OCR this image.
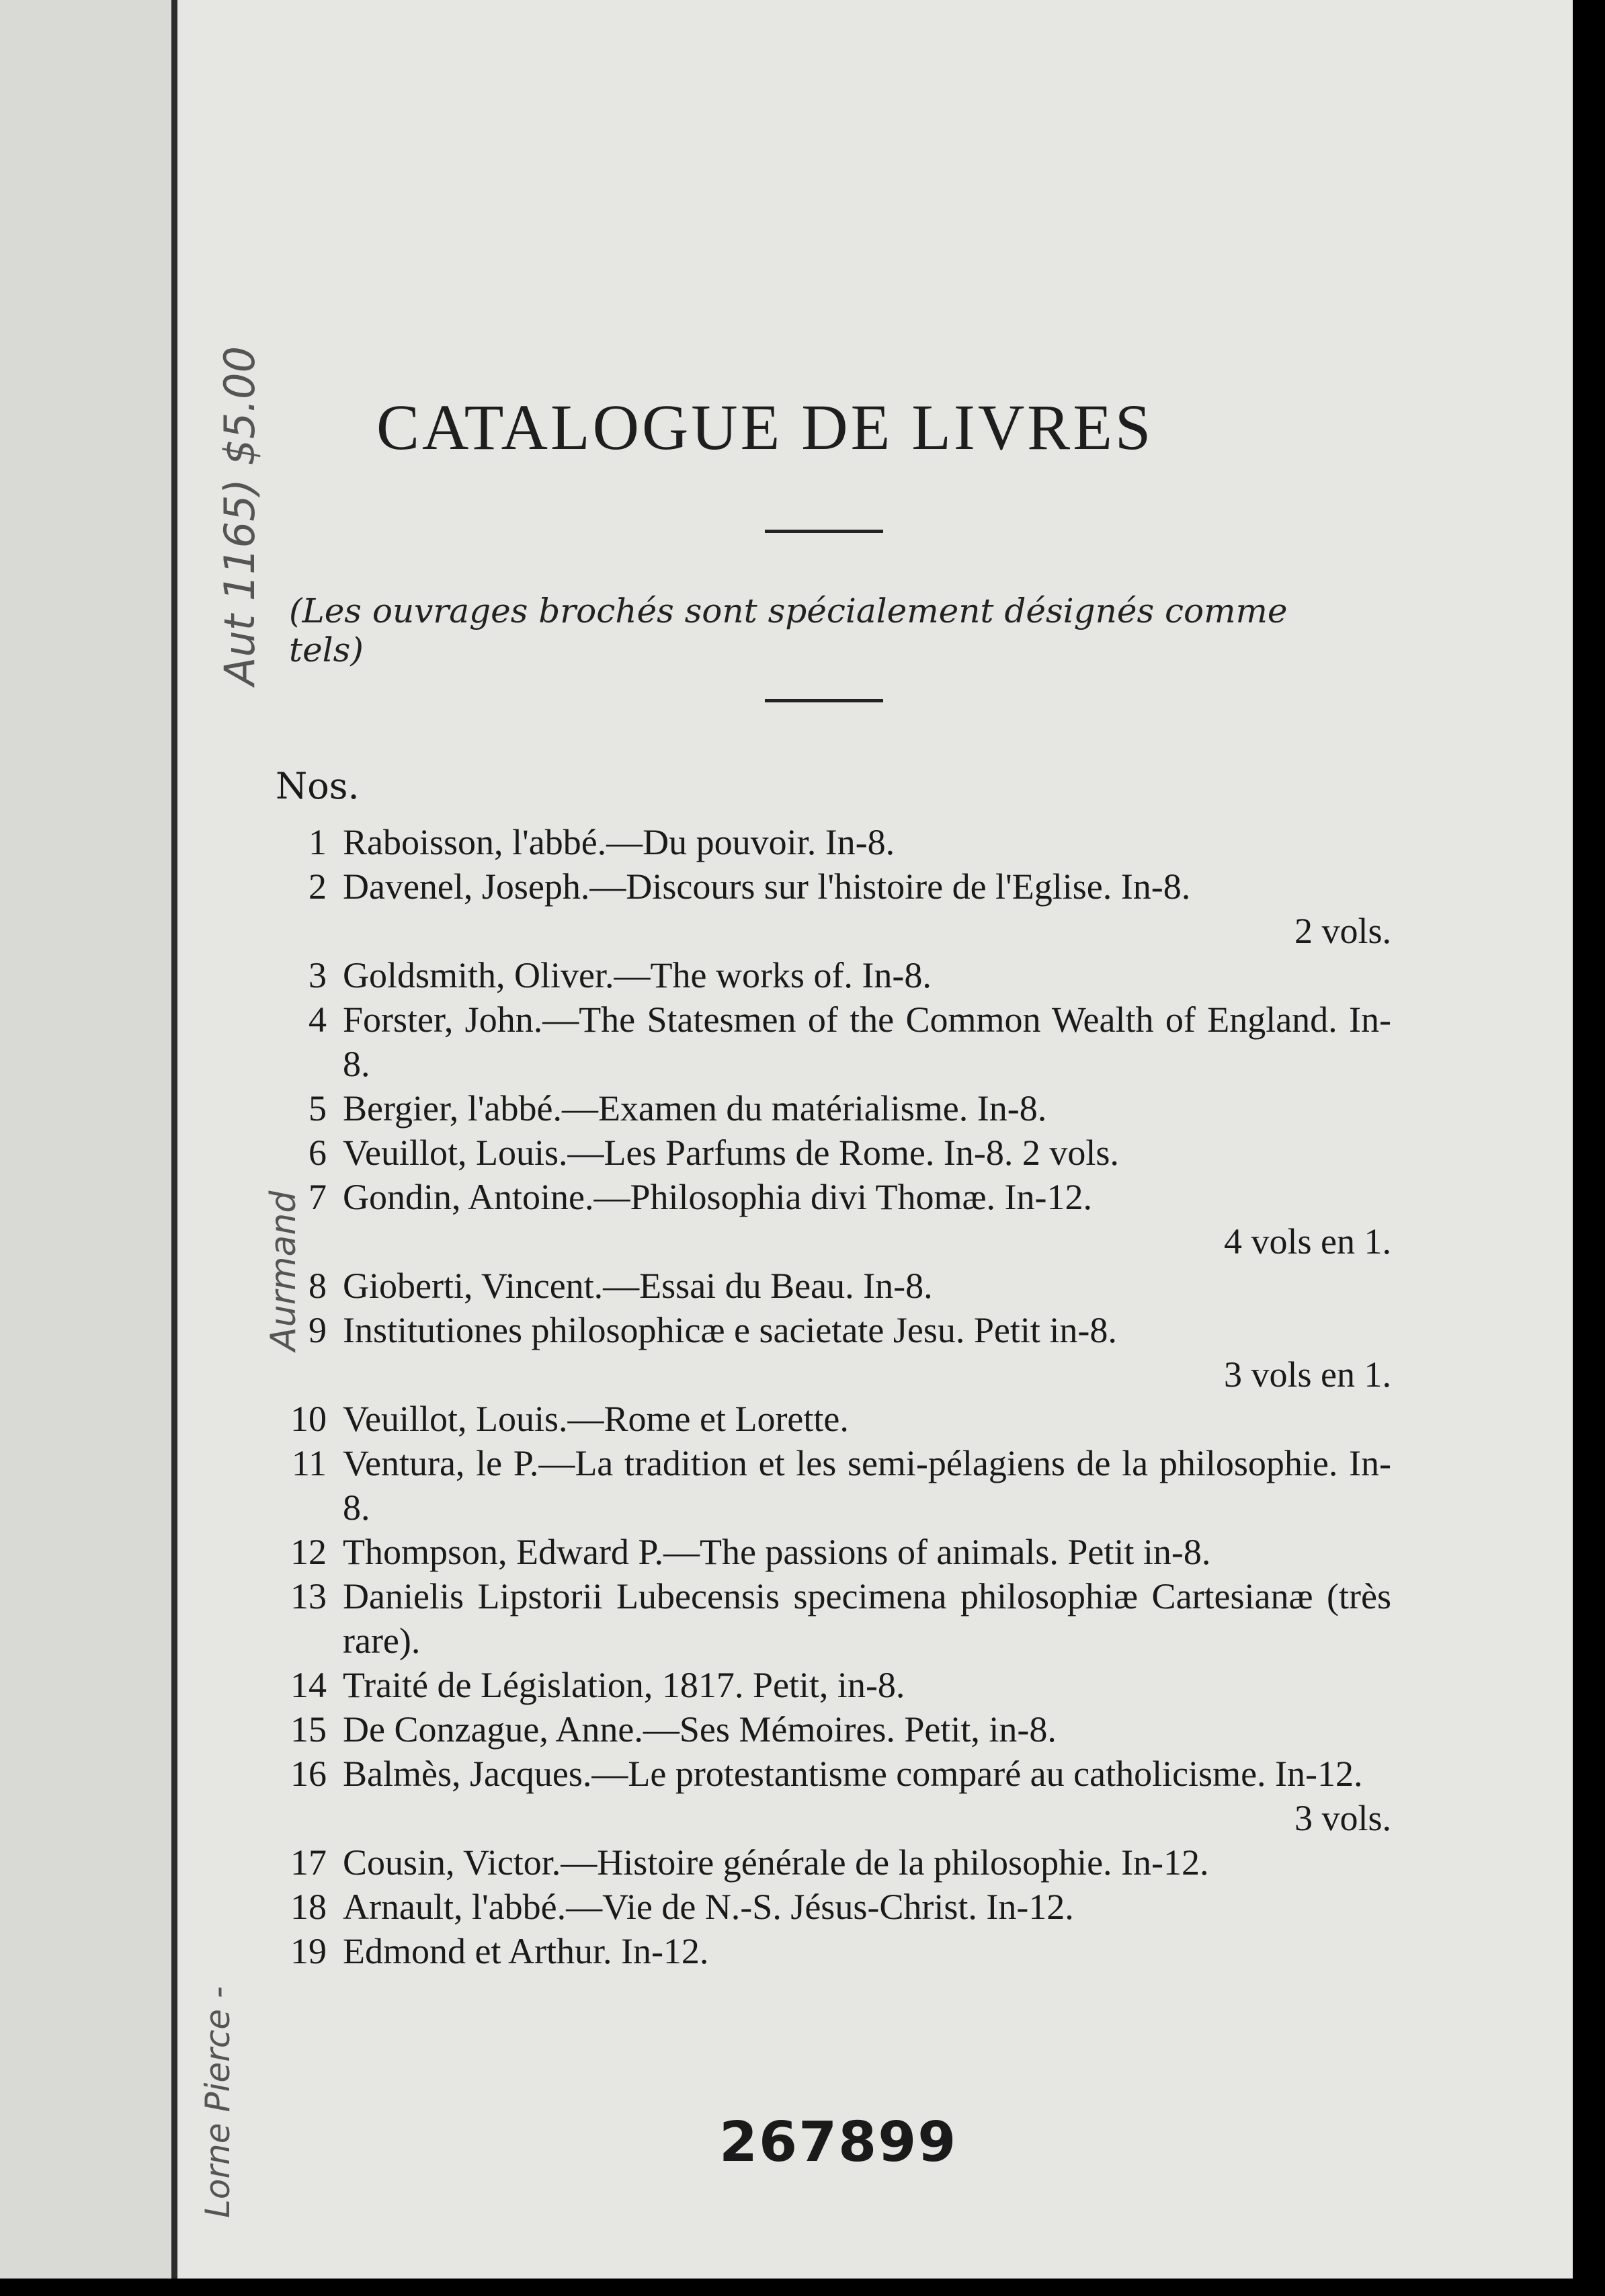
Aut 1165) $5.00
Aurmand
Lorne Pierce -
CATALOGUE DE LIVRES
(Les ouvrages brochés sont spécialement désignés comme tels)
Nos.
1 Raboisson, l'abbé.—Du pouvoir. In-8.
2 Davenel, Joseph.—Discours sur l'histoire de l'Eglise. In-8.
2 vols.
3 Goldsmith, Oliver.—The works of. In-8.
4 Forster, John.—The Statesmen of the Common Wealth of England. In-8.
5 Bergier, l'abbé.—Examen du matérialisme. In-8.
6 Veuillot, Louis.—Les Parfums de Rome. In-8. 2 vols.
7 Gondin, Antoine.—Philosophia divi Thomæ. In-12.
4 vols en 1.
8 Gioberti, Vincent.—Essai du Beau. In-8.
9 Institutiones philosophicæ e sacietate Jesu. Petit in-8.
3 vols en 1.
10 Veuillot, Louis.—Rome et Lorette.
11 Ventura, le P.—La tradition et les semi-pélagiens de la philosophie. In-8.
12 Thompson, Edward P.—The passions of animals. Petit in-8.
13 Danielis Lipstorii Lubecensis specimena philosophiæ Cartesianæ (très rare).
14 Traité de Législation, 1817. Petit, in-8.
15 De Conzague, Anne.—Ses Mémoires. Petit, in-8.
16 Balmès, Jacques.—Le protestantisme comparé au catholicisme. In-12.
3 vols.
17 Cousin, Victor.—Histoire générale de la philosophie. In-12.
18 Arnault, l'abbé.—Vie de N.-S. Jésus-Christ. In-12.
19 Edmond et Arthur. In-12.
267899
